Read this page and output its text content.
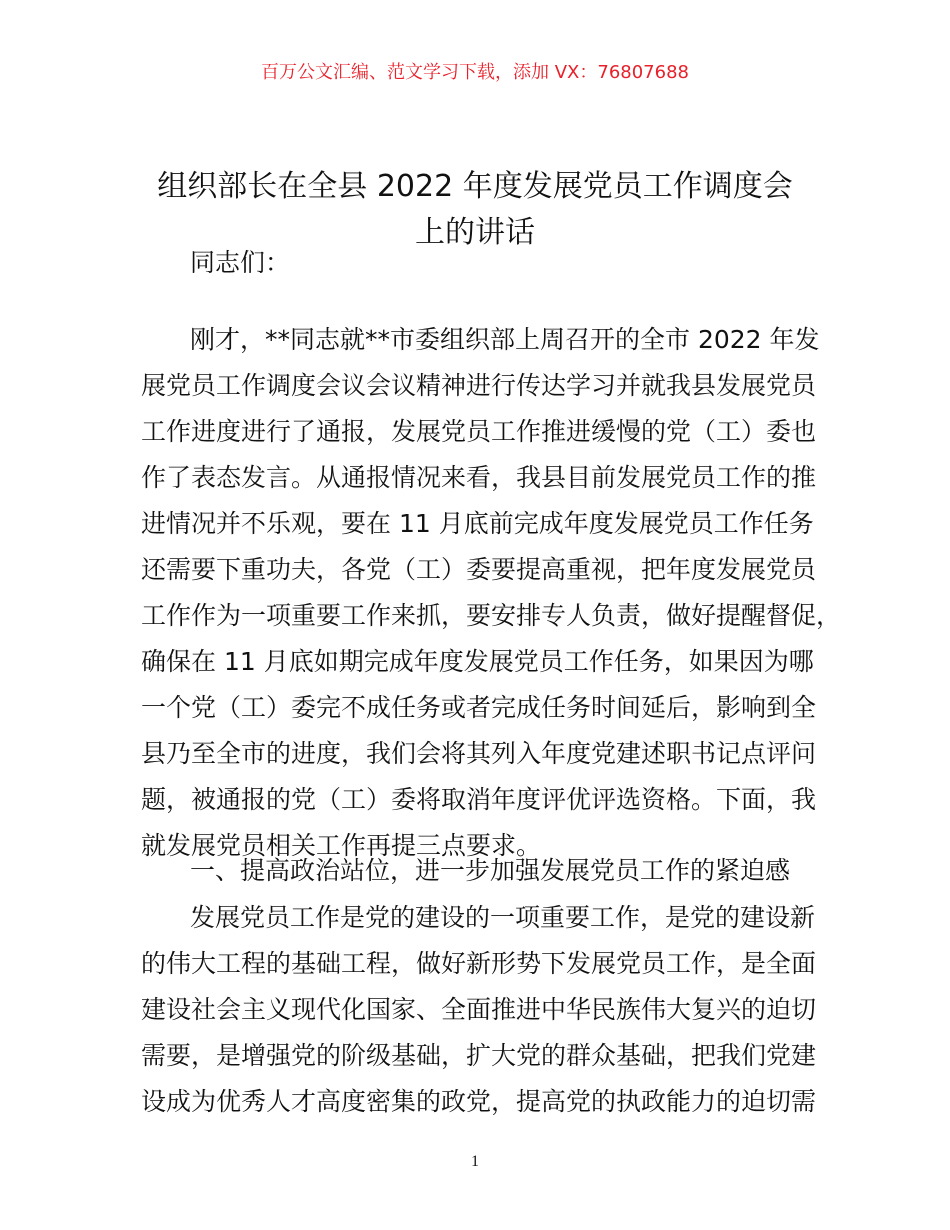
百万公文汇编、范文学习下载，添加 VX：76807688
组织部长在全县 2022 年度发展党员工作调度会
上的讲话
同志们：
刚才，**同志就**市委组织部上周召开的全市 2022 年发
展党员工作调度会议会议精神进行传达学习并就我县发展党员
工作进度进行了通报，发展党员工作推进缓慢的党（工）委也
作了表态发言。从通报情况来看，我县目前发展党员工作的推
进情况并不乐观，要在 11 月底前完成年度发展党员工作任务
还需要下重功夫，各党（工）委要提高重视，把年度发展党员
工作作为一项重要工作来抓，要安排专人负责，做好提醒督促，
确保在 11 月底如期完成年度发展党员工作任务，如果因为哪
一个党（工）委完不成任务或者完成任务时间延后，影响到全
县乃至全市的进度，我们会将其列入年度党建述职书记点评问
题，被通报的党（工）委将取消年度评优评选资格。下面，我
就发展党员相关工作再提三点要求。
一、提高政治站位，进一步加强发展党员工作的紧迫感
发展党员工作是党的建设的一项重要工作，是党的建设新
的伟大工程的基础工程，做好新形势下发展党员工作，是全面
建设社会主义现代化国家、全面推进中华民族伟大复兴的迫切
需要，是增强党的阶级基础，扩大党的群众基础，把我们党建
设成为优秀人才高度密集的政党，提高党的执政能力的迫切需
1
